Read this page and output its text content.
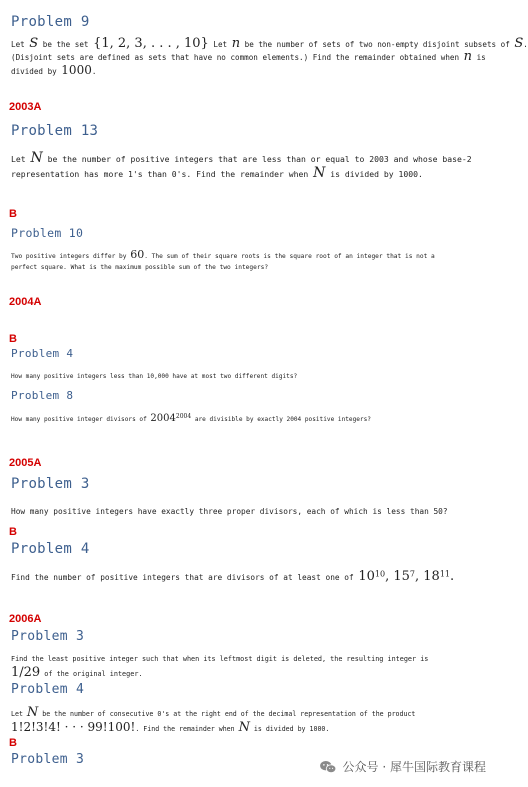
Problem 9
Let S be the set {1, 2, 3, . . . , 10} Let n be the number of sets of two non-empty disjoint subsets of S.
(Disjoint sets are defined as sets that have no common elements.) Find the remainder obtained when n is
divided by 1000.
2003A
Problem 13
Let N be the number of positive integers that are less than or equal to 2003 and whose base-2
representation has more 1's than 0's. Find the remainder when N is divided by 1000.
B
Problem 10
Two positive integers differ by 60. The sum of their square roots is the square root of an integer that is not a
perfect square. What is the maximum possible sum of the two integers?
2004A
B
Problem 4
How many positive integers less than 10,000 have at most two different digits?
Problem 8
How many positive integer divisors of 20042004 are divisible by exactly 2004 positive integers?
2005A
Problem 3
How many positive integers have exactly three proper divisors, each of which is less than 50?
B
Problem 4
Find the number of positive integers that are divisors of at least one of 1010, 157, 1811.
2006A
Problem 3
Find the least positive integer such that when its leftmost digit is deleted, the resulting integer is
1/29 of the original integer.
Problem 4
Let N be the number of consecutive 0's at the right end of the decimal representation of the product
1!2!3!4! · · · 99!100!. Find the remainder when N is divided by 1000.
B
Problem 3	公众号 · 犀牛国际教育课程
